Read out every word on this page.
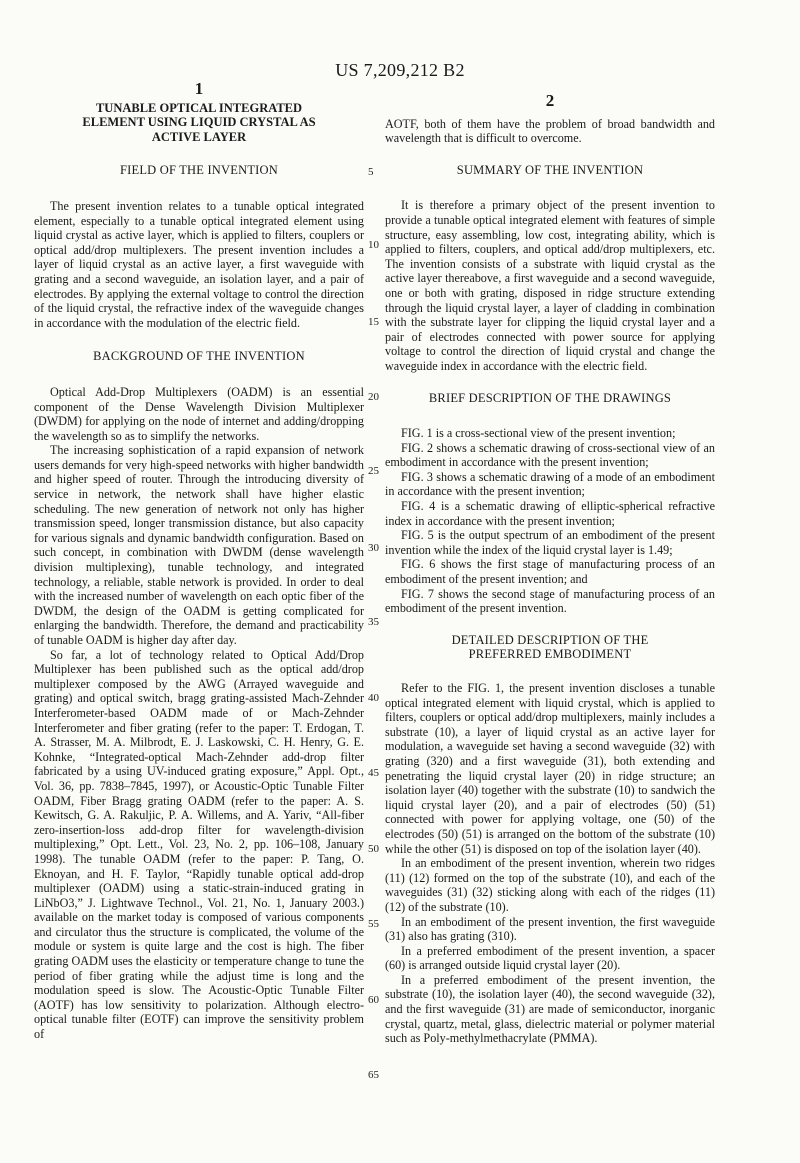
US 7,209,212 B2
1
TUNABLE OPTICAL INTEGRATED
ELEMENT USING LIQUID CRYSTAL AS
ACTIVE LAYER
FIELD OF THE INVENTION

The present invention relates to a tunable optical integrated element, especially to a tunable optical integrated element using liquid crystal as active layer, which is applied to filters, couplers or optical add/drop multiplexers. The present invention includes a layer of liquid crystal as an active layer, a first waveguide with grating and a second waveguide, an isolation layer, and a pair of electrodes. By applying the external voltage to control the direction of the liquid crystal, the refractive index of the waveguide changes in accordance with the modulation of the electric field.

BACKGROUND OF THE INVENTION

Optical Add-Drop Multiplexers (OADM) is an essential component of the Dense Wavelength Division Multiplexer (DWDM) for applying on the node of internet and adding/dropping the wavelength so as to simplify the networks.

The increasing sophistication of a rapid expansion of network users demands for very high-speed networks with higher bandwidth and higher speed of router. Through the introducing diversity of service in network, the network shall have higher elastic scheduling. The new generation of network not only has higher transmission speed, longer transmission distance, but also capacity for various signals and dynamic bandwidth configuration. Based on such concept, in combination with DWDM (dense wavelength division multiplexing), tunable technology, and integrated technology, a reliable, stable network is provided. In order to deal with the increased number of wavelength on each optic fiber of the DWDM, the design of the OADM is getting complicated for enlarging the bandwidth. Therefore, the demand and practicability of tunable OADM is higher day after day.

So far, a lot of technology related to Optical Add/Drop Multiplexer has been published such as the optical add/drop multiplexer composed by the AWG (Arrayed waveguide and grating) and optical switch, bragg grating-assisted Mach-Zehnder Interferometer-based OADM made of or Mach-Zehnder Interferometer and fiber grating (refer to the paper: T. Erdogan, T. A. Strasser, M. A. Milbrodt, E. J. Laskowski, C. H. Henry, G. E. Kohnke, “Integrated-optical Mach-Zehnder add-drop filter fabricated by a using UV-induced grating exposure,” Appl. Opt., Vol. 36, pp. 7838–7845, 1997), or Acoustic-Optic Tunable Filter OADM, Fiber Bragg grating OADM (refer to the paper: A. S. Kewitsch, G. A. Rakuljic, P. A. Willems, and A. Yariv, “All-fiber zero-insertion-loss add-drop filter for wavelength-division multiplexing,” Opt. Lett., Vol. 23, No. 2, pp. 106–108, January 1998). The tunable OADM (refer to the paper: P. Tang, O. Eknoyan, and H. F. Taylor, “Rapidly tunable optical add-drop multiplexer (OADM) using a static-strain-induced grating in LiNbO3,” J. Lightwave Technol., Vol. 21, No. 1, January 2003.) available on the market today is composed of various components and circulator thus the structure is complicated, the volume of the module or system is quite large and the cost is high. The fiber grating OADM uses the elasticity or temperature change to tune the period of fiber grating while the adjust time is long and the modulation speed is slow. The Acoustic-Optic Tunable Filter (AOTF) has low sensitivity to polarization. Although electro-optical tunable filter (EOTF) can improve the sensitivity problem of

5
10
15
20
25
30
35
40
45
50
55
60
65
2

AOTF, both of them have the problem of broad bandwidth and wavelength that is difficult to overcome.

SUMMARY OF THE INVENTION

It is therefore a primary object of the present invention to provide a tunable optical integrated element with features of simple structure, easy assembling, low cost, integrating ability, which is applied to filters, couplers, and optical add/drop multiplexers, etc. The invention consists of a substrate with liquid crystal as the active layer thereabove, a first waveguide and a second waveguide, one or both with grating, disposed in ridge structure extending through the liquid crystal layer, a layer of cladding in combination with the substrate layer for clipping the liquid crystal layer and a pair of electrodes connected with power source for applying voltage to control the direction of liquid crystal and change the waveguide index in accordance with the electric field.

BRIEF DESCRIPTION OF THE DRAWINGS

FIG. 1 is a cross-sectional view of the present invention;

FIG. 2 shows a schematic drawing of cross-sectional view of an embodiment in accordance with the present invention;

FIG. 3 shows a schematic drawing of a mode of an embodiment in accordance with the present invention;

FIG. 4 is a schematic drawing of elliptic-spherical refractive index in accordance with the present invention;

FIG. 5 is the output spectrum of an embodiment of the present invention while the index of the liquid crystal layer is 1.49;

FIG. 6 shows the first stage of manufacturing process of an embodiment of the present invention; and

FIG. 7 shows the second stage of manufacturing process of an embodiment of the present invention.

DETAILED DESCRIPTION OF THE
PREFERRED EMBODIMENT

Refer to the FIG. 1, the present invention discloses a tunable optical integrated element with liquid crystal, which is applied to filters, couplers or optical add/drop multiplexers, mainly includes a substrate (10), a layer of liquid crystal as an active layer for modulation, a waveguide set having a second waveguide (32) with grating (320) and a first waveguide (31), both extending and penetrating the liquid crystal layer (20) in ridge structure; an isolation layer (40) together with the substrate (10) to sandwich the liquid crystal layer (20), and a pair of electrodes (50) (51) connected with power for applying voltage, one (50) of the electrodes (50) (51) is arranged on the bottom of the substrate (10) while the other (51) is disposed on top of the isolation layer (40).

In an embodiment of the present invention, wherein two ridges (11) (12) formed on the top of the substrate (10), and each of the waveguides (31) (32) sticking along with each of the ridges (11) (12) of the substrate (10).

In an embodiment of the present invention, the first waveguide (31) also has grating (310).

In a preferred embodiment of the present invention, a spacer (60) is arranged outside liquid crystal layer (20).

In a preferred embodiment of the present invention, the substrate (10), the isolation layer (40), the second waveguide (32), and the first waveguide (31) are made of semiconductor, inorganic crystal, quartz, metal, glass, dielectric material or polymer material such as Poly-methylmethacrylate (PMMA).
